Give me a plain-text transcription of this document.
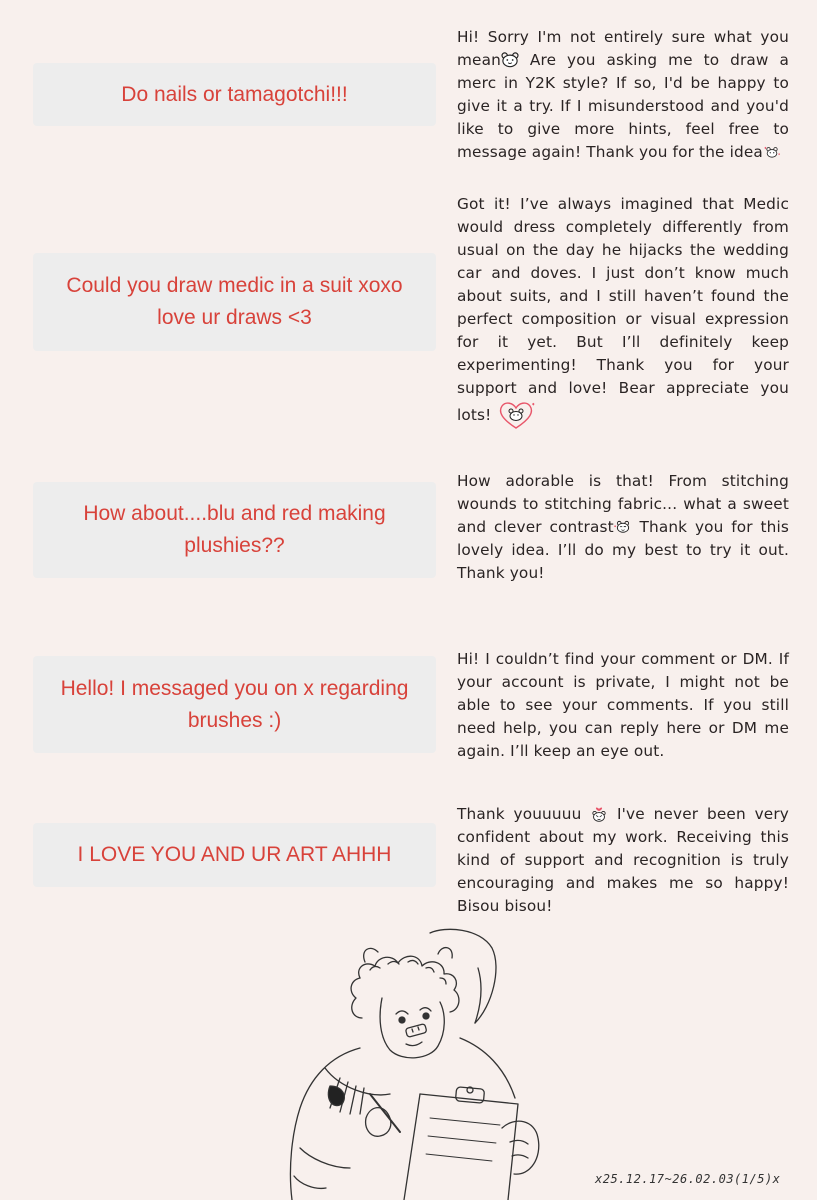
Do nails or tamagotchi!!!

Hi! Sorry I'm not entirely sure what you mean Are you asking me to draw a merc in Y2K style? If so, I'd be happy to give it a try. If I misunderstood and you'd like to give more hints, feel free to message again! Thank you for the idea

Could you draw medic in a suit xoxo love ur draws <3

Got it! I’ve always imagined that Medic would dress completely differently from usual on the day he hijacks the wedding car and doves. I just don’t know much about suits, and I still haven’t found the perfect composition or visual expression for it yet. But I’ll definitely keep experimenting! Thank you for your support and love! Bear appreciate you lots!

How about....blu and red making plushies??

How adorable is that! From stitching wounds to stitching fabric... what a sweet and clever contrast Thank you for this lovely idea. I’ll do my best to try it out. Thank you!

Hello! I messaged you on x regarding brushes :)

Hi! I couldn’t find your comment or DM. If your account is private, I might not be able to see your comments. If you still need help, you can reply here or DM me again. I’ll keep an eye out.

I LOVE YOU AND UR ART AHHH

Thank youuuuu  I've never been very confident about my work. Receiving this kind of support and recognition is truly encouraging and makes me so happy! Bisou bisou!

x25.12.17~26.02.03(1/5)x
